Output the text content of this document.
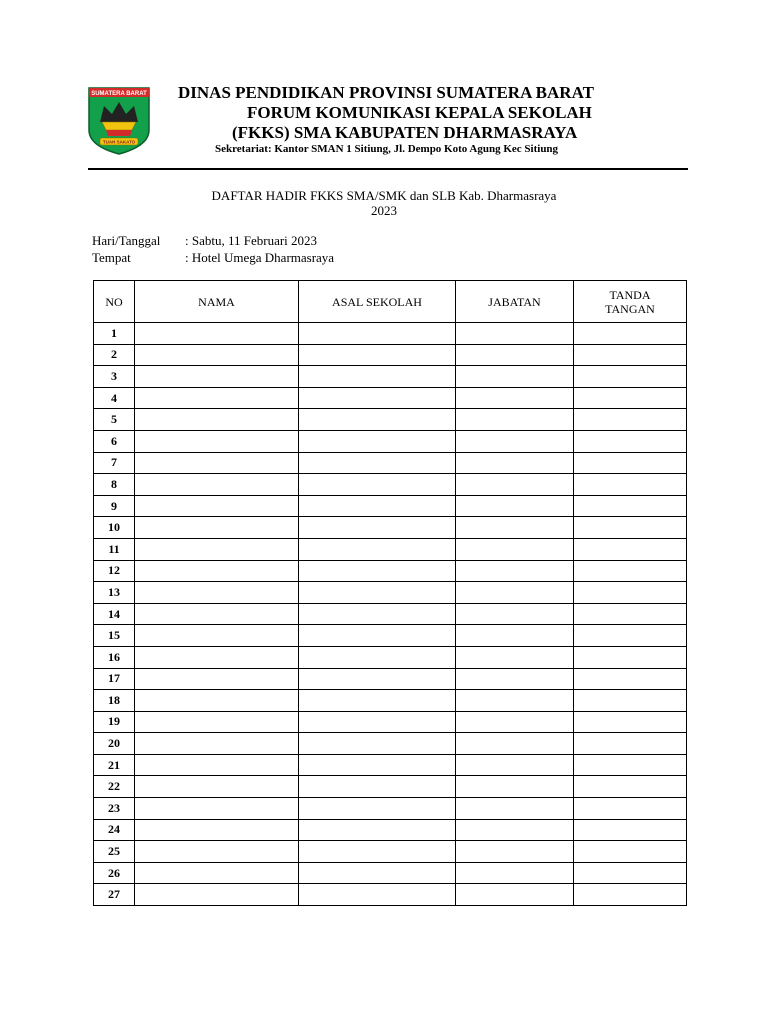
SUMATERA BARAT
TUAH SAKATO
DINAS PENDIDIKAN PROVINSI SUMATERA BARAT
FORUM KOMUNIKASI KEPALA SEKOLAH
(FKKS) SMA KABUPATEN DHARMASRAYA
Sekretariat: Kantor SMAN 1 Sitiung, Jl. Dempo Koto Agung Kec Sitiung
DAFTAR HADIR FKKS SMA/SMK dan SLB Kab. Dharmasraya
2023
Hari/Tanggal : Sabtu, 11 Februari 2023
Tempat	: Hotel Umega Dharmasraya
NO	NAMA	ASAL SEKOLAH	JABATAN	TANDA TANGAN
1				
2				
3				
4				
5				
6				
7				
8				
9				
10				
11				
12				
13				
14				
15				
16				
17				
18				
19				
20				
21				
22				
23				
24				
25				
26				
27				
